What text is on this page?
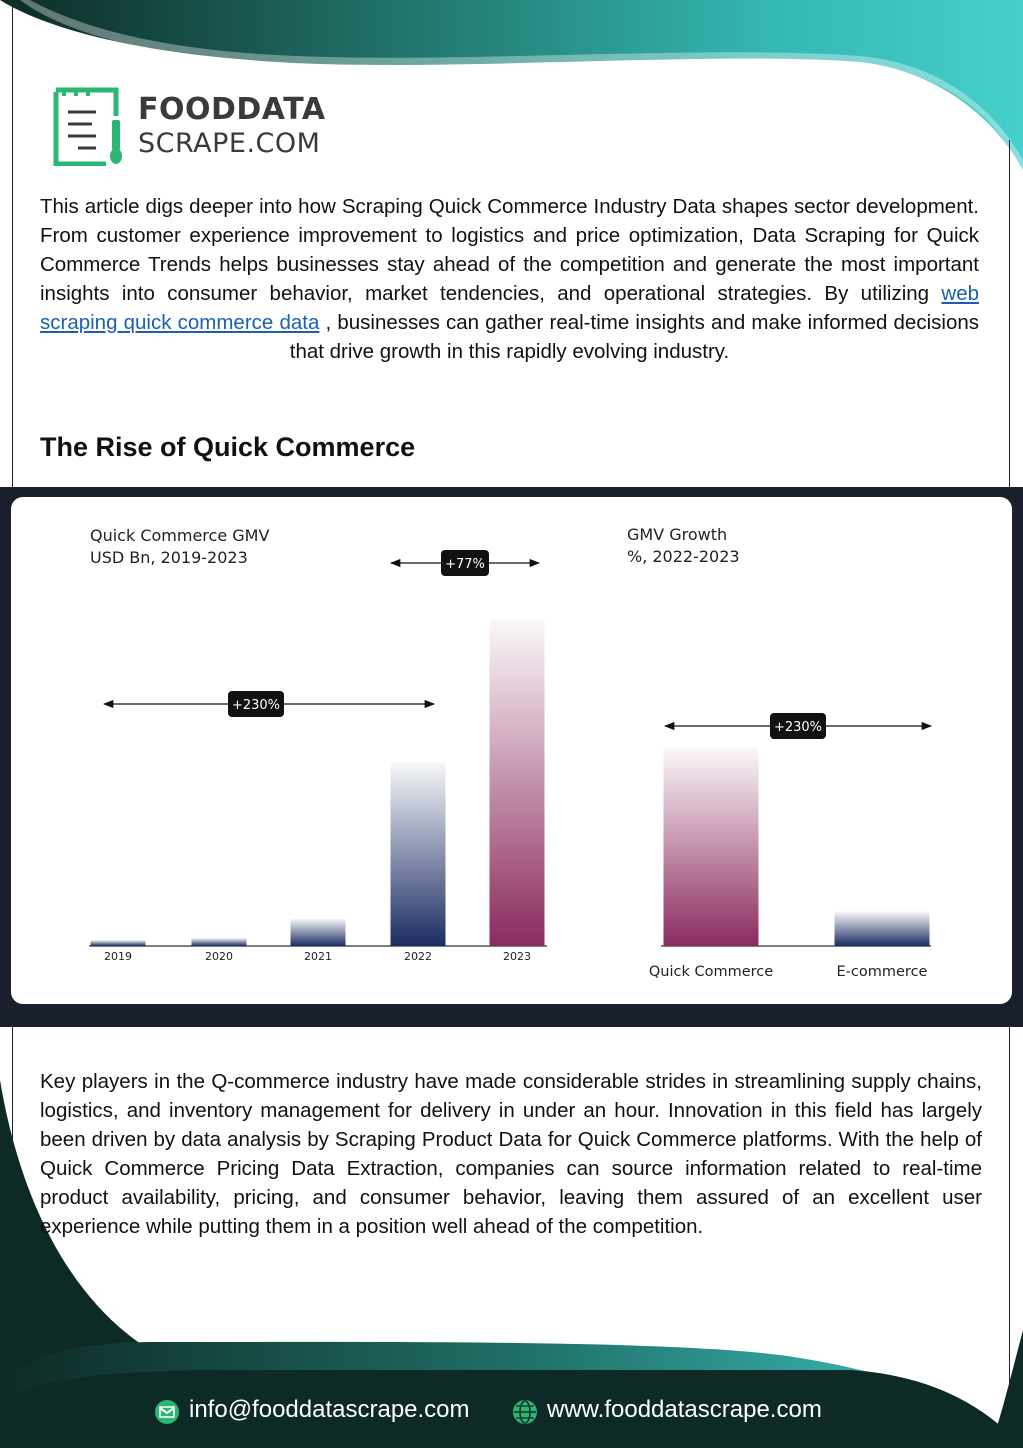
FOODDATA
SCRAPE.COM

This article digs deeper into how Scraping Quick Commerce Industry Data shapes sector development. From customer experience improvement to logistics and price optimization, Data Scraping for Quick Commerce Trends helps businesses stay ahead of the competition and generate the most important insights into consumer behavior, market tendencies, and operational strategies. By utilizing web scraping quick commerce data , businesses can gather real-time insights and make informed decisions that drive growth in this rapidly evolving industry.

The Rise of Quick Commerce
Quick Commerce GMV
USD Bn, 2019-2023
GMV Growth
%, 2022-2023
2019	2020	2021	2022	2023
+230%
+77%
Quick Commerce	E-commerce
+230%

Key players in the Q-commerce industry have made considerable strides in streamlining supply chains, logistics, and inventory management for delivery in under an hour. Innovation in this field has largely been driven by data analysis by Scraping Product Data for Quick Commerce platforms. With the help of Quick Commerce Pricing Data Extraction, companies can source information related to real-time product availability, pricing, and consumer behavior, leaving them assured of an excellent user experience while putting them in a position well ahead of the competition.

info@fooddatascrape.com	www.fooddatascrape.com
